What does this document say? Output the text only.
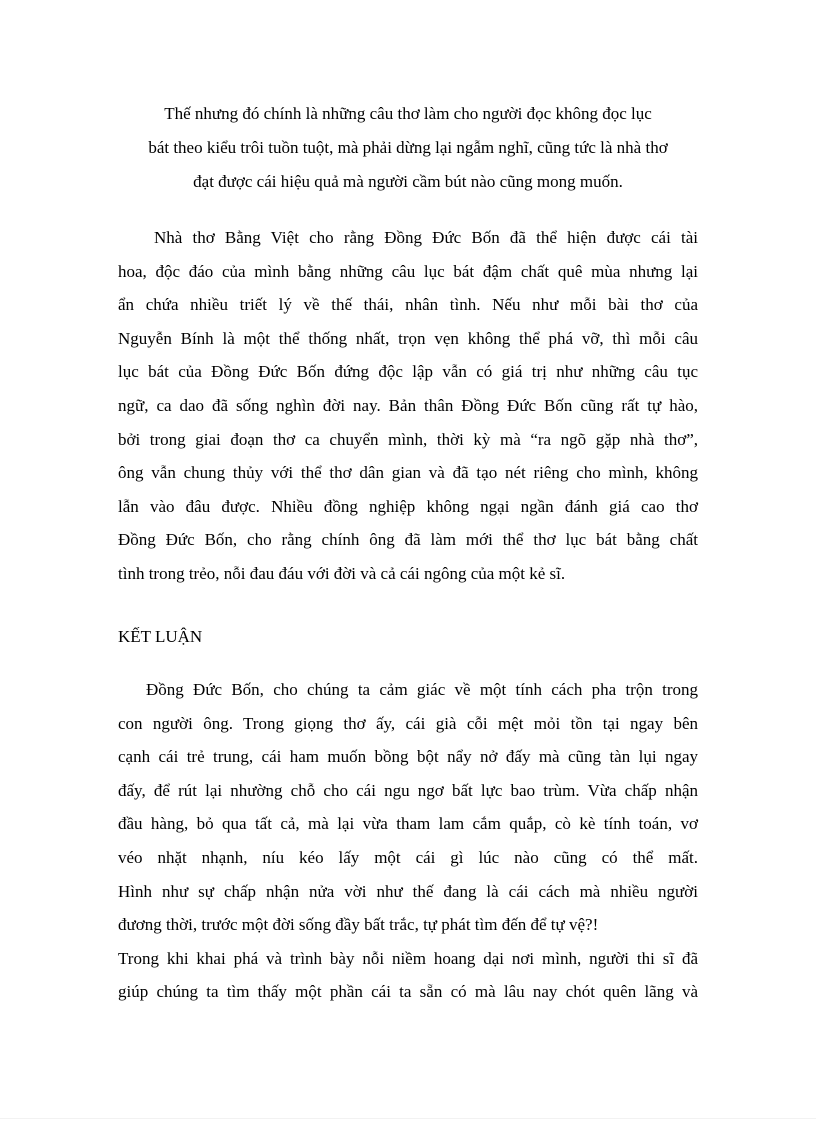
Thế nhưng đó chính là những câu thơ làm cho người đọc không đọc lục
bát theo kiểu trôi tuồn tuột, mà phải dừng lại ngẫm nghĩ, cũng tức là nhà thơ
đạt được cái hiệu quả mà người cầm bút nào cũng mong muốn.
Nhà thơ Bằng Việt cho rằng Đồng Đức Bốn đã thể hiện được cái tài
hoa, độc đáo của mình bằng những câu lục bát đậm chất quê mùa nhưng lại
ẩn chứa nhiều triết lý về thế thái, nhân tình. Nếu như mỗi bài thơ của
Nguyễn Bính là một thể thống nhất, trọn vẹn không thể phá vỡ, thì mỗi câu
lục bát của Đồng Đức Bốn đứng độc lập vẫn có giá trị như những câu tục
ngữ, ca dao đã sống nghìn đời nay. Bản thân Đồng Đức Bốn cũng rất tự hào,
bởi trong giai đoạn thơ ca chuyển mình, thời kỳ mà “ra ngõ gặp nhà thơ”,
ông vẫn chung thủy với thể thơ dân gian và đã tạo nét riêng cho mình, không
lẫn vào đâu được. Nhiều đồng nghiệp không ngại ngần đánh giá cao thơ
Đồng Đức Bốn, cho rằng chính ông đã làm mới thể thơ lục bát bằng chất
tình trong trẻo, nỗi đau đáu với đời và cả cái ngông của một kẻ sĩ.
KẾT LUẬN
Đồng Đức Bốn, cho chúng ta cảm giác về một tính cách pha trộn trong
con người ông. Trong giọng thơ ấy, cái già cỗi mệt mỏi tồn tại ngay bên
cạnh cái trẻ trung, cái ham muốn bồng bột nẩy nở đấy mà cũng tàn lụi ngay
đấy, để rút lại nhường chỗ cho cái ngu ngơ bất lực bao trùm. Vừa chấp nhận
đầu hàng, bỏ qua tất cả, mà lại vừa tham lam cắm quắp, cò kè tính toán, vơ
véo nhặt nhạnh, níu kéo lấy một cái gì lúc nào cũng có thể mất.
Hình như sự chấp nhận nửa vời như thế đang là cái cách mà nhiều người
đương thời, trước một đời sống đầy bất trắc, tự phát tìm đến để tự vệ?!
Trong khi khai phá và trình bày nỗi niềm hoang dại nơi mình, người thi sĩ đã
giúp chúng ta tìm thấy một phần cái ta sẵn có mà lâu nay chót quên lãng và
